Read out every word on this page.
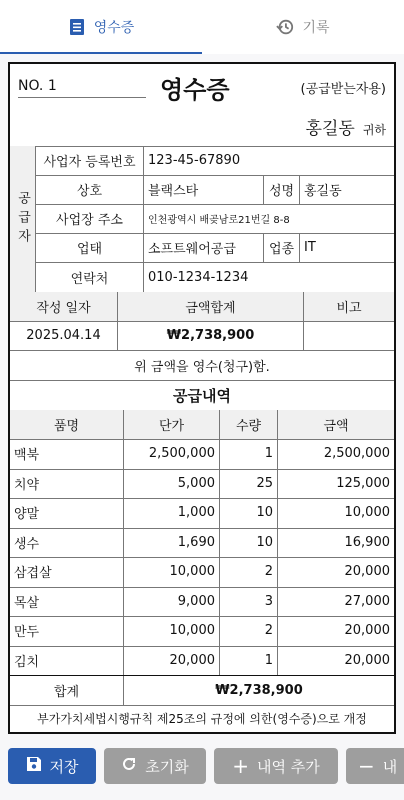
영수증	기록
NO. 1	영수증	(공급받는자용)
홍길동 귀하
공급자
사업자 등록번호 123-45-67890
상호	블랙스타	성명 홍길동
사업장 주소	인천광역시 배곶남로21번길 8-8
업태	소프트웨어공급	업종 IT
연락처	010-1234-1234
작성 일자	금액합계	비고
2025.04.14	₩2,738,900
위 금액을 영수(청구)함.
공급내역
품명	단가	수량	금액
맥북	2,500,000	1	2,500,000
치약	5,000	25	125,000
양말	1,000	10	10,000
생수	1,690	10	16,900
삼겹살	10,000	2	20,000
목살	9,000	3	27,000
만두	10,000	2	20,000
김치	20,000	1	20,000
합계	₩2,738,900
부가가치세법시행규칙 제25조의 규정에 의한(영수증)으로 개정
저장	초기화 + 내역 추가 − 내
